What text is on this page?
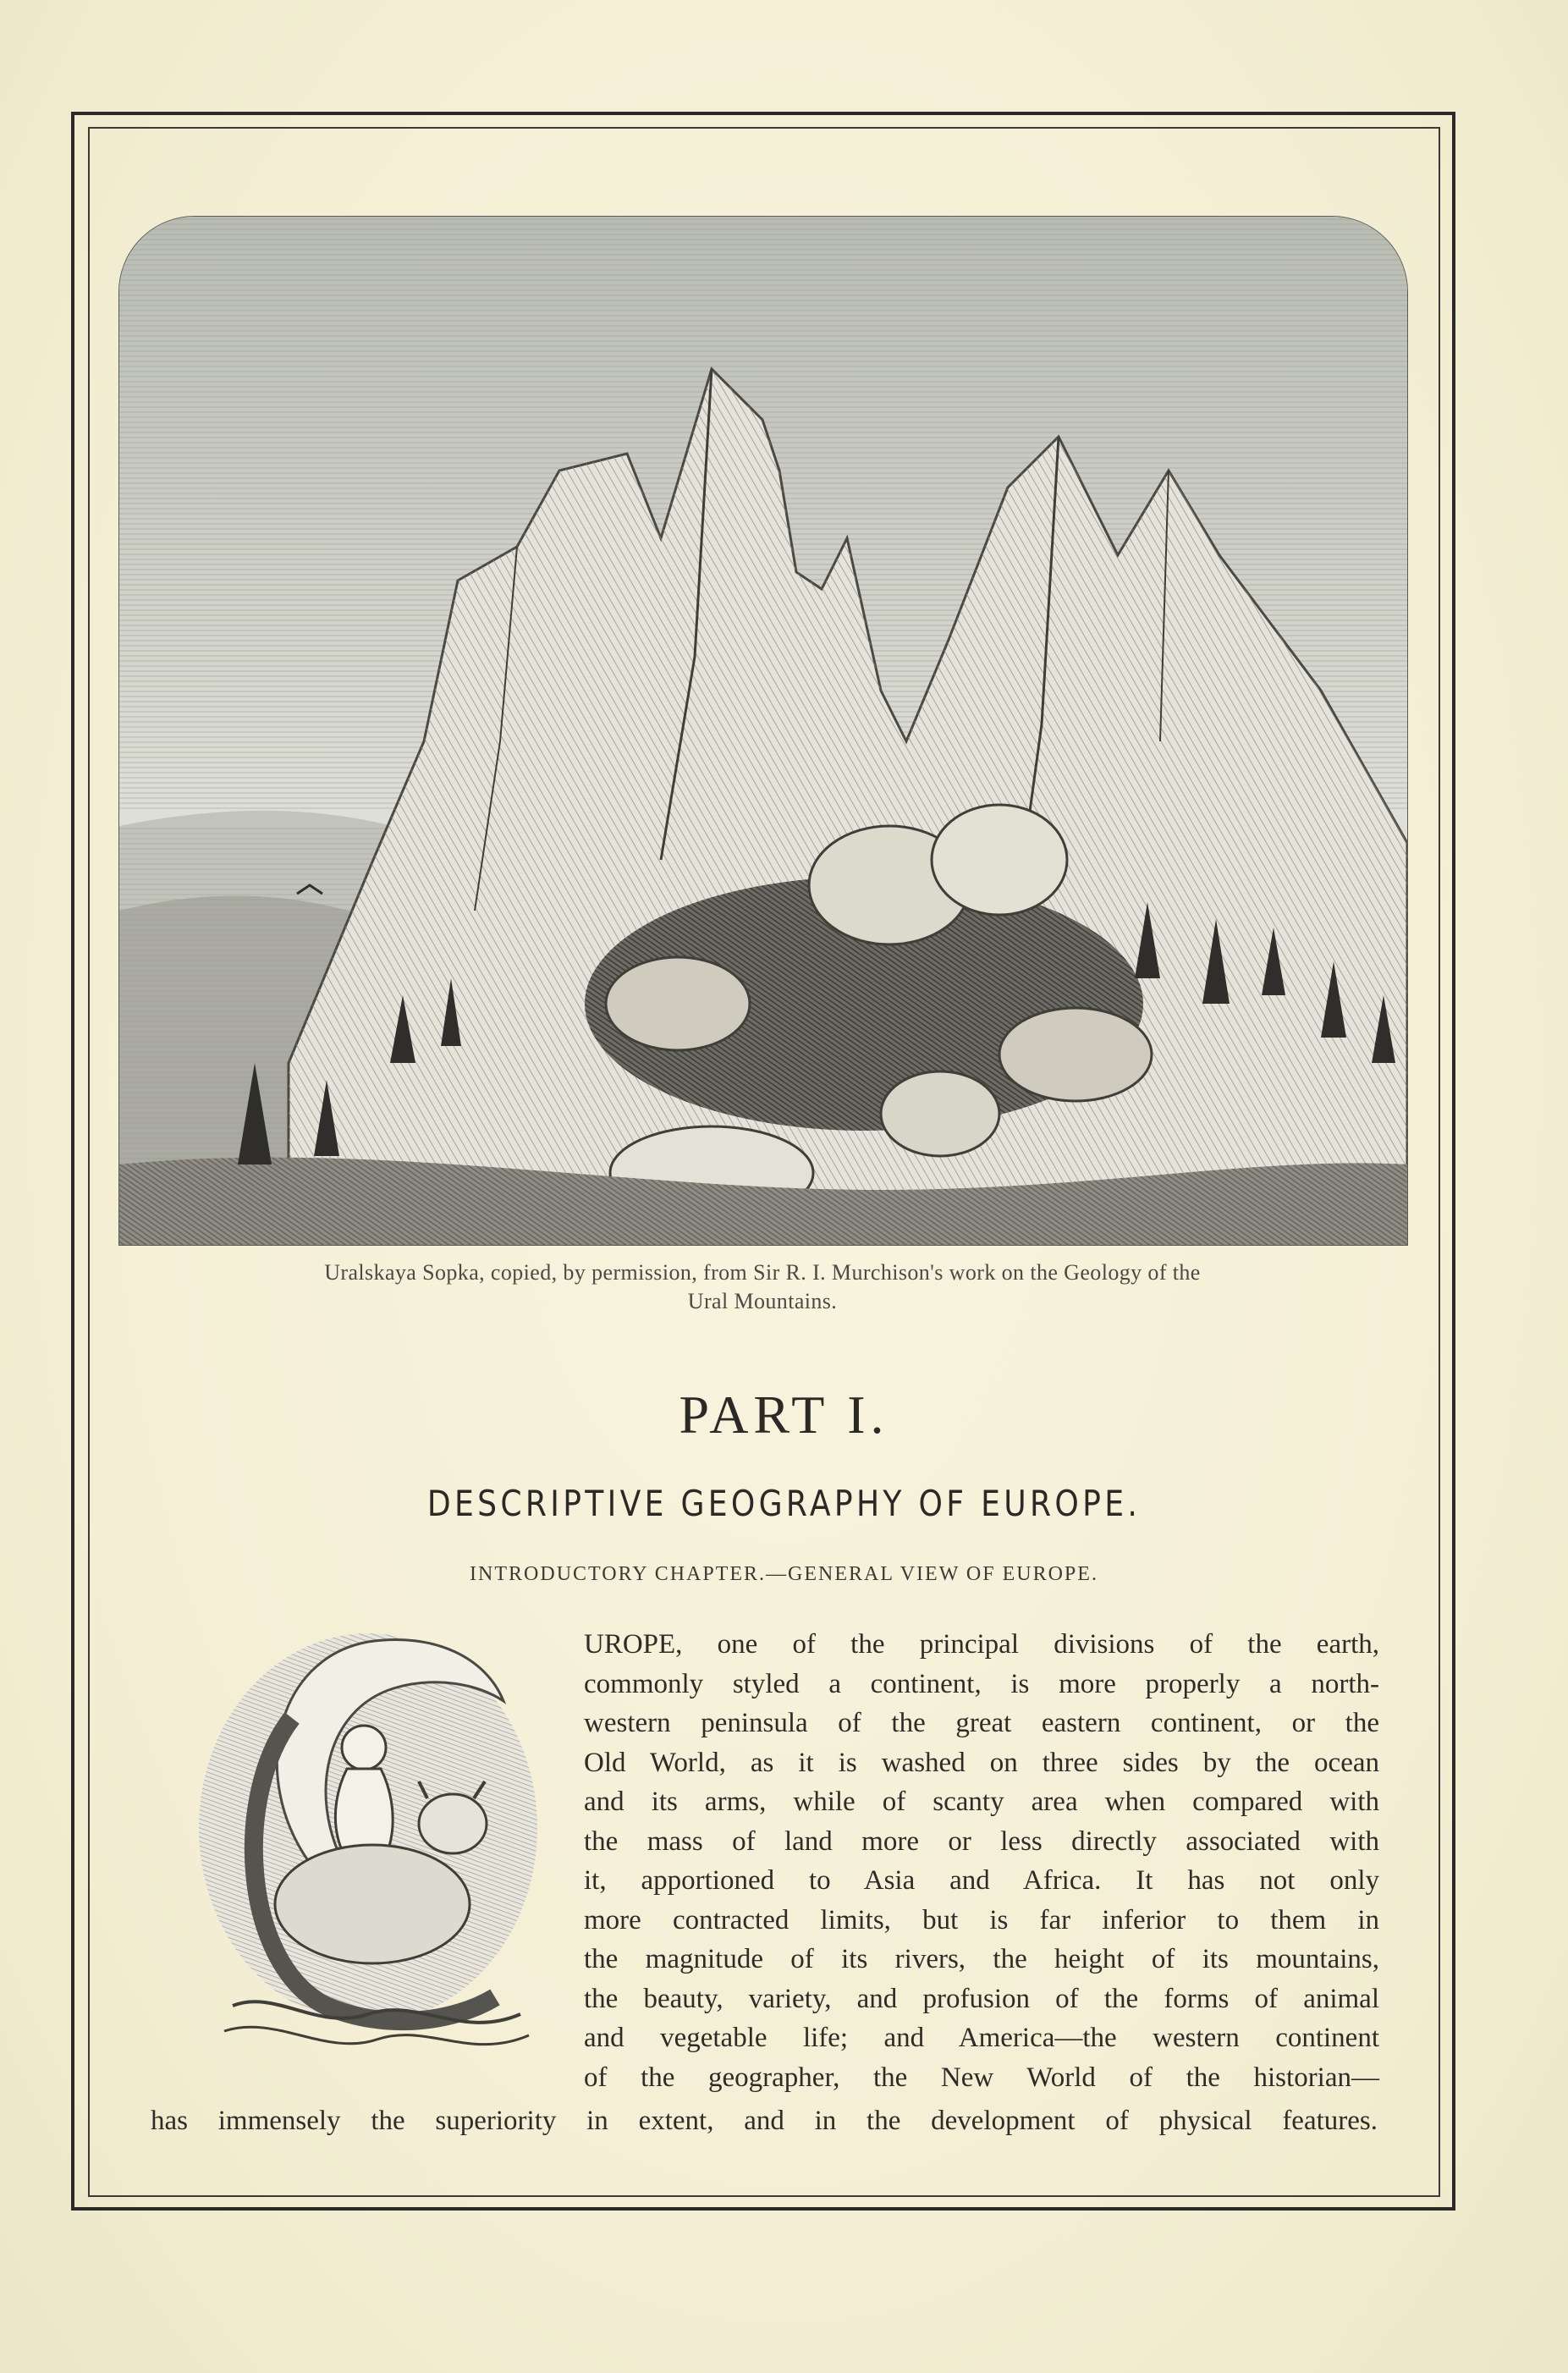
Uralskaya Sopka, copied, by permission, from Sir R. I. Murchison's work on the Geology of the
Ural Mountains.
PART I.
DESCRIPTIVE GEOGRAPHY OF EUROPE.
INTRODUCTORY CHAPTER.—GENERAL VIEW OF EUROPE.
UROPE, one of the principal divisions of the earth,
commonly styled a continent, is more properly a north-
western peninsula of the great eastern continent, or the
Old World, as it is washed on three sides by the ocean
and its arms, while of scanty area when compared with
the mass of land more or less directly associated with
it, apportioned to Asia and Africa. It has not only
more contracted limits, but is far inferior to them in
the magnitude of its rivers, the height of its mountains,
the beauty, variety, and profusion of the forms of animal
and vegetable life; and America—the western continent
of the geographer, the New World of the historian—
has immensely the superiority in extent, and in the development of physical features.
